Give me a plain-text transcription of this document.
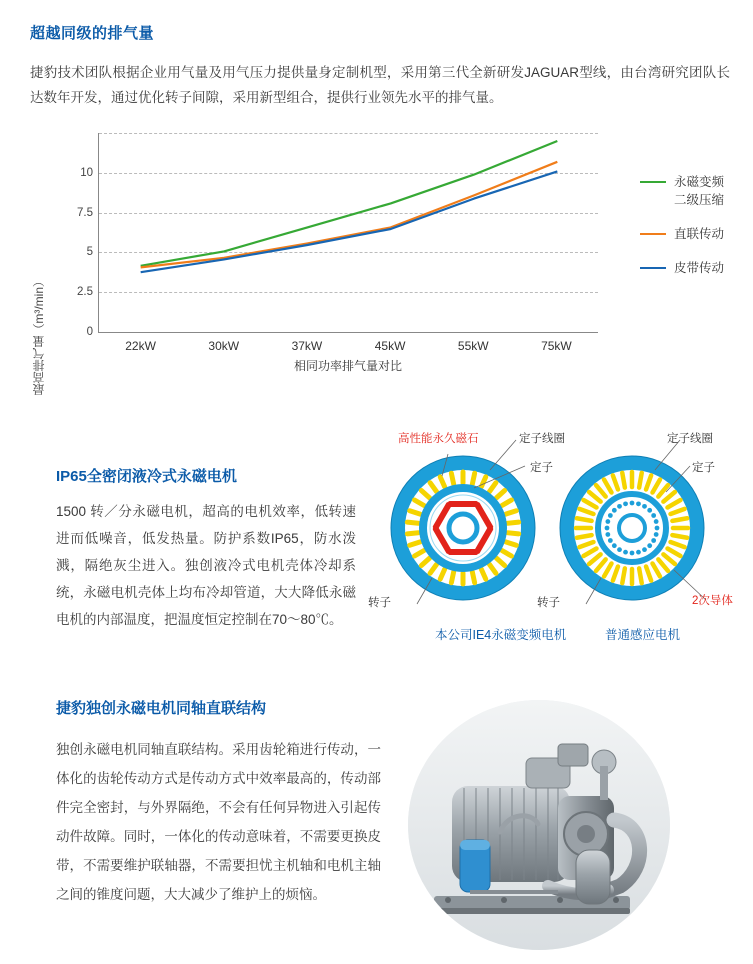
超越同级的排气量
捷豹技术团队根据企业用气量及用气压力提供量身定制机型，采用第三代全新研发JAGUAR型线，由台湾研究团队长达数年开发，通过优化转子间隙，采用新型组合，提供行业领先水平的排气量。
最高排气量（m³/min）	0
2.5
5
7.5
10
22kW	30kW	37kW	45kW	55kW	75kW
相同功率排气量对比
永磁变频
二级压缩
直联传动
皮带传动
IP65全密闭液冷式永磁电机
1500 转／分永磁电机，超高的电机效率，低转速进而低噪音，低发热量。防护系数IP65，防水泼溅，隔绝灰尘进入。独创液冷式电机壳体冷却系统，永磁电机壳体上均布冷却管道，大大降低永磁电机的内部温度，把温度恒定控制在70～80℃。
高性能永久磁石	定子线圈
定子
定子线圈
定子
转子	转子	2次导体
本公司IE4永磁变频电机	普通感应电机
捷豹独创永磁电机同轴直联结构
独创永磁电机同轴直联结构。采用齿轮箱进行传动，一体化的齿轮传动方式是传动方式中效率最高的，传动部件完全密封，与外界隔绝，不会有任何异物进入引起传动件故障。同时，一体化的传动意味着，不需要更换皮带，不需要维护联轴器，不需要担忧主机轴和电机主轴之间的锥度问题，大大减少了维护上的烦恼。
